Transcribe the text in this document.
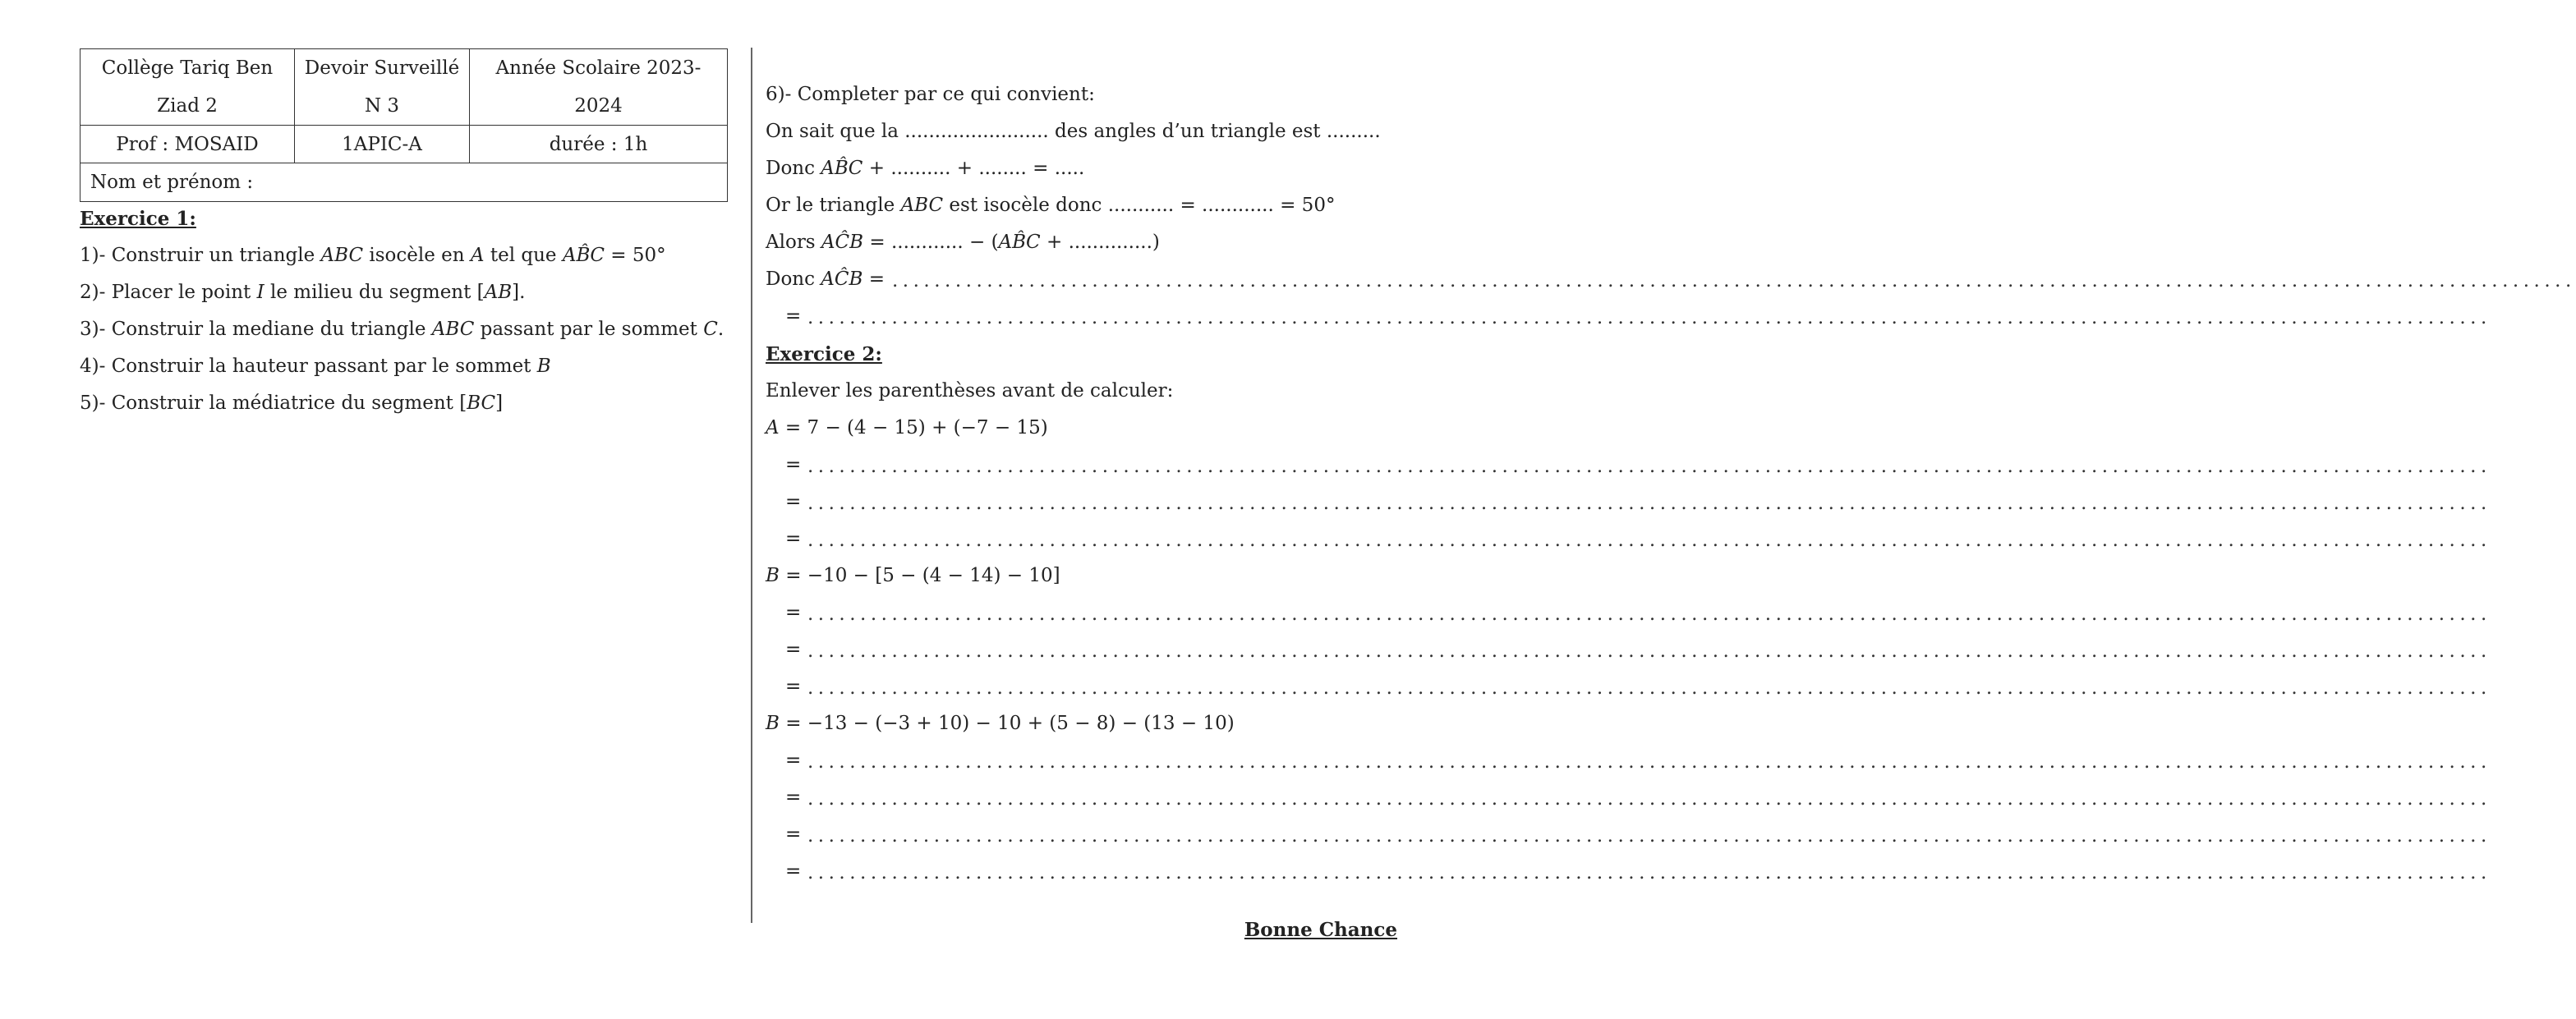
Collège Tariq Ben Ziad 2	Devoir Surveillé N 3	Année Scolaire 2023-2024
Prof : MOSAID	1APIC-A	durée : 1h
Nom et prénom :		
Exercice 1:
1)- Construir un triangle ABC isocèle en A tel que AB̂C = 50°
2)- Placer le point I le milieu du segment [AB].
3)- Construir la mediane du triangle ABC passant par le sommet C.
4)- Construir la hauteur passant par le sommet B
5)- Construir la médiatrice du segment [BC]
6)- Completer par ce qui convient:
On sait que la ........................ des angles d’un triangle est .........
Donc AB̂C + .......... + ........ = .....
Or le triangle ABC est isocèle donc ........... = ............ = 50°
Alors AĈB = ............ − (AB̂C + ..............)
Donc AĈB = ................................................................................................................................................................
= ................................................................................................................................................................
Exercice 2:
Enlever les parenthèses avant de calculer:
A = 7 − (4 − 15) + (−7 − 15)
= ................................................................................................................................................................
= ................................................................................................................................................................
= ................................................................................................................................................................
B = −10 − [5 − (4 − 14) − 10]
= ................................................................................................................................................................
= ................................................................................................................................................................
= ................................................................................................................................................................
B = −13 − (−3 + 10) − 10 + (5 − 8) − (13 − 10)
= ................................................................................................................................................................
= ................................................................................................................................................................
= ................................................................................................................................................................
= ................................................................................................................................................................
Bonne Chance
